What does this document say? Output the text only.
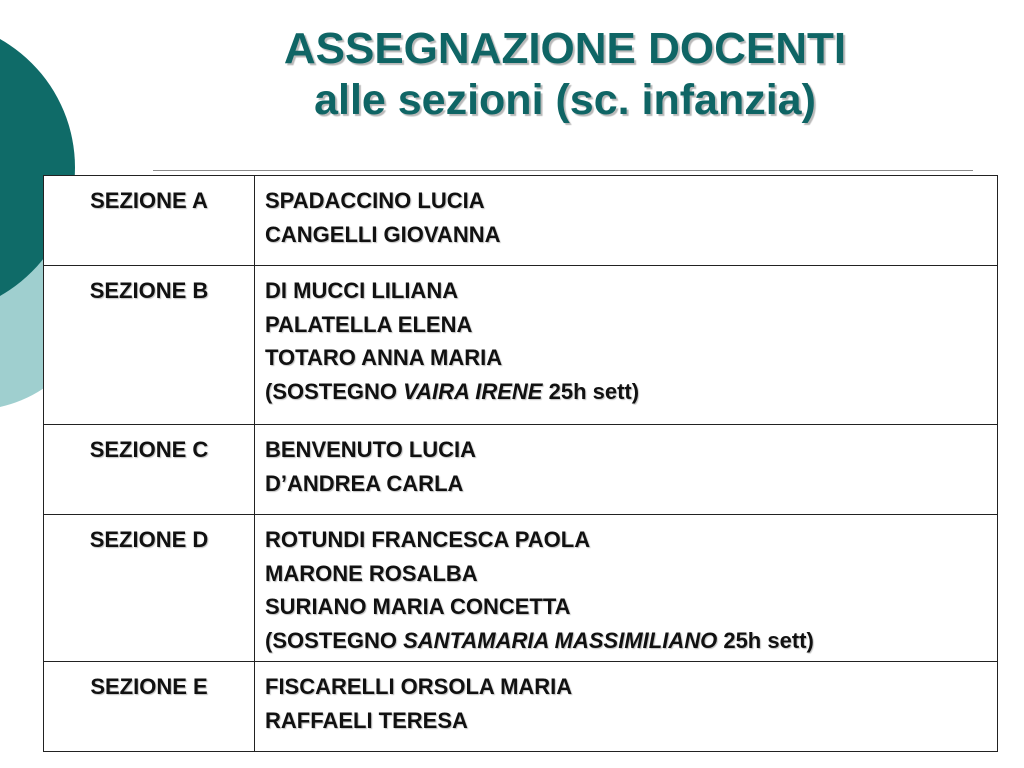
ASSEGNAZIONE DOCENTI
alle sezioni (sc. infanzia)
SEZIONE A	SPADACCINO LUCIA
CANGELLI GIOVANNA

SEZIONE B	DI MUCCI LILIANA
PALATELLA ELENA
TOTARO ANNA MARIA
(SOSTEGNO VAIRA IRENE 25h sett)

SEZIONE C	BENVENUTO LUCIA
D’ANDREA CARLA

SEZIONE D	ROTUNDI FRANCESCA PAOLA
MARONE ROSALBA
SURIANO MARIA CONCETTA
(SOSTEGNO SANTAMARIA MASSIMILIANO 25h sett)

SEZIONE E	FISCARELLI ORSOLA MARIA
RAFFAELI TERESA
